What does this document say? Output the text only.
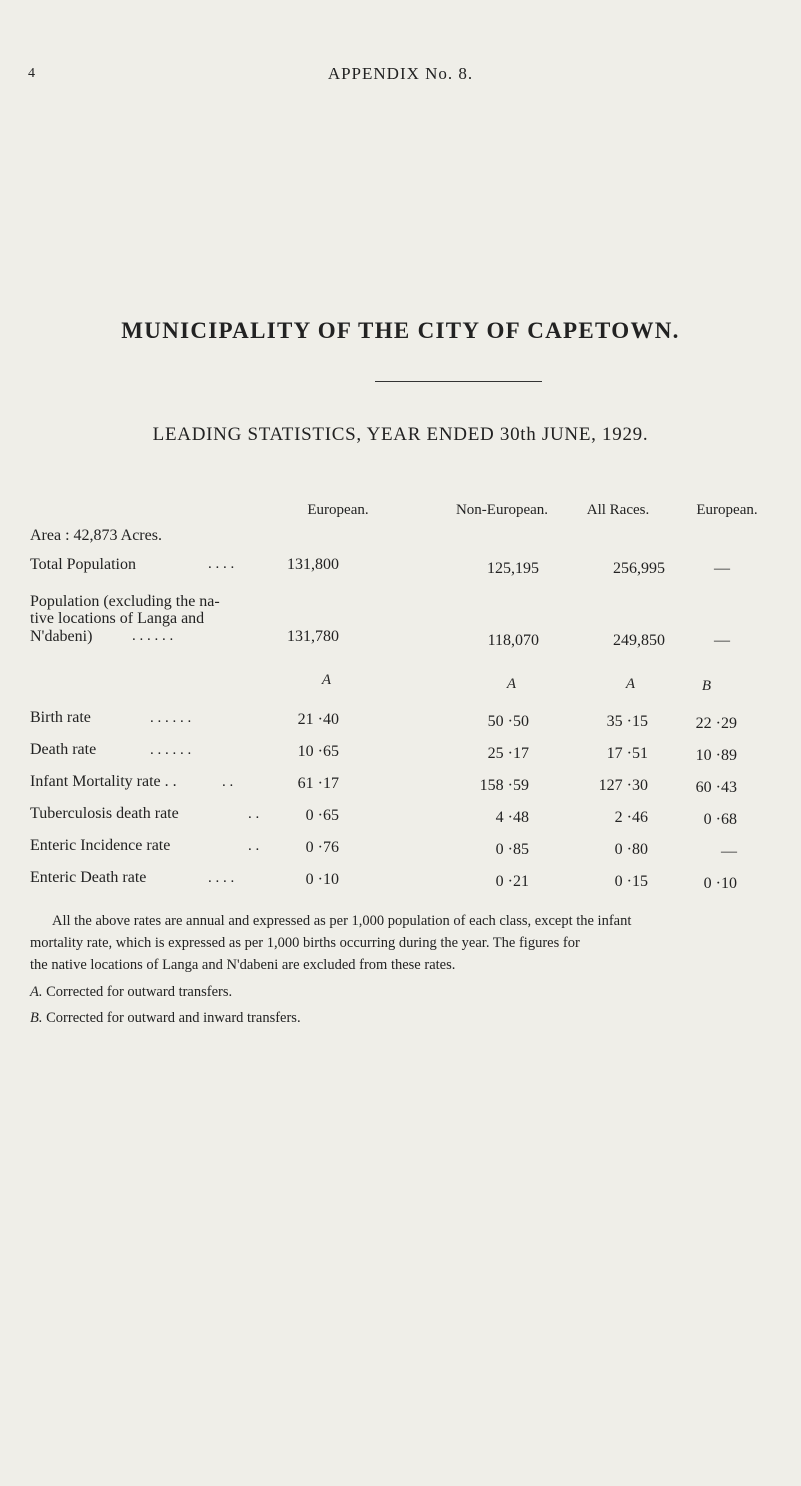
4	APPENDIX No. 8.
MUNICIPALITY OF THE CITY OF CAPETOWN.
LEADING STATISTICS, YEAR ENDED 30th JUNE, 1929.
European.	Non-European.	All Races.	European.
Area : 42,873 Acres.
Total Population	. . . .	131,800	125,195	256,995	—
Population (excluding the na-
tive locations of Langa and
N'dabeni)	. . . . . .	131,780	118,070	249,850	—
A	A	A	B
Birth rate	. . . . . .	21 ·40	50 ·50	35 ·15	22 ·29
Death rate	. . . . . .	10 ·65	25 ·17	17 ·51	10 ·89
Infant Mortality rate . .	. .	61 ·17	158 ·59	127 ·30	60 ·43
Tuberculosis death rate	. .	0 ·65	4 ·48	2 ·46	0 ·68
Enteric Incidence rate	. .	0 ·76	0 ·85	0 ·80	—
Enteric Death rate	. . . .	0 ·10	0 ·21	0 ·15	0 ·10
All the above rates are annual and expressed as per 1,000 population of each class, except the infant
mortality rate, which is expressed as per 1,000 births occurring during the year. The figures for
the native locations of Langa and N'dabeni are excluded from these rates.
A. Corrected for outward transfers.
B. Corrected for outward and inward transfers.
